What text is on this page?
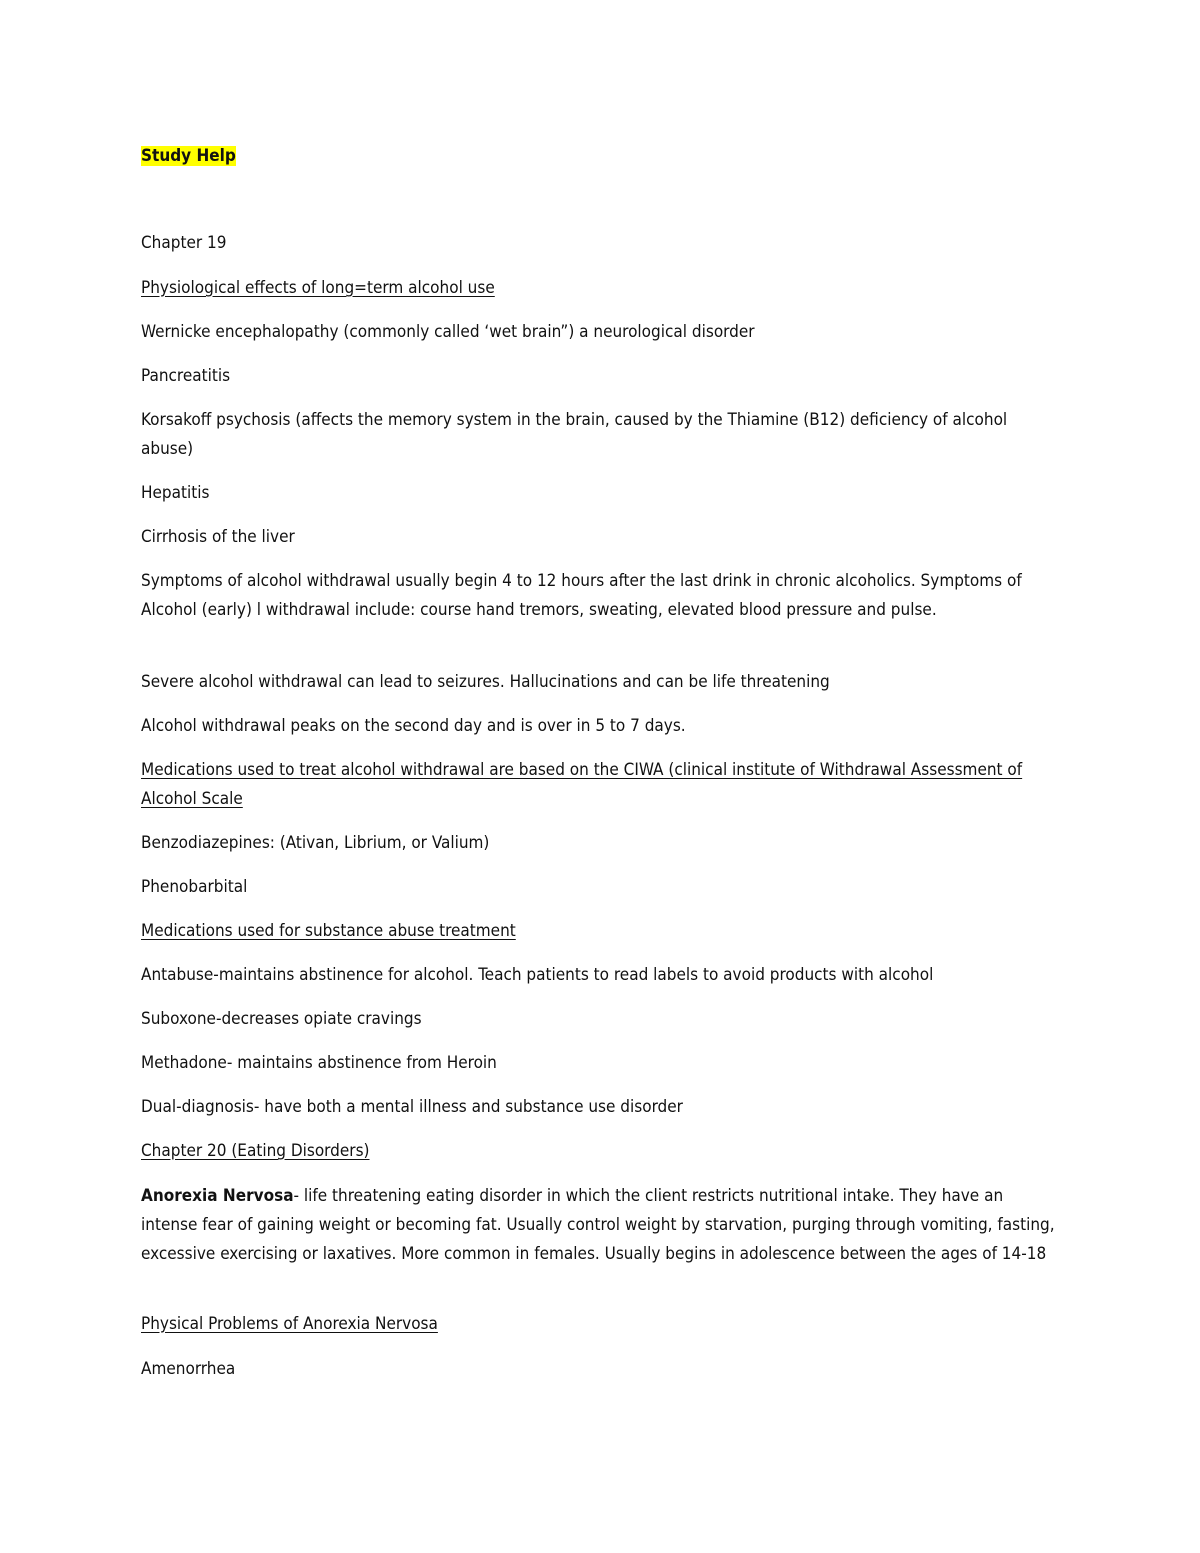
Study Help

Chapter 19

Physiological effects of long=term alcohol use

Wernicke encephalopathy (commonly called ‘wet brain”) a neurological disorder

Pancreatitis

Korsakoff psychosis (affects the memory system in the brain, caused by the Thiamine (B12) deficiency of alcohol abuse)

Hepatitis

Cirrhosis of the liver

Symptoms of alcohol withdrawal usually begin 4 to 12 hours after the last drink in chronic alcoholics. Symptoms of Alcohol (early) l withdrawal include: course hand tremors, sweating, elevated blood pressure and pulse.

Severe alcohol withdrawal can lead to seizures. Hallucinations and can be life threatening

Alcohol withdrawal peaks on the second day and is over in 5 to 7 days.

Medications used to treat alcohol withdrawal are based on the CIWA (clinical institute of Withdrawal Assessment of Alcohol Scale

Benzodiazepines: (Ativan, Librium, or Valium)

Phenobarbital

Medications used for substance abuse treatment

Antabuse-maintains abstinence for alcohol. Teach patients to read labels to avoid products with alcohol

Suboxone-decreases opiate cravings

Methadone- maintains abstinence from Heroin

Dual-diagnosis- have both a mental illness and substance use disorder

Chapter 20 (Eating Disorders)

Anorexia Nervosa- life threatening eating disorder in which the client restricts nutritional intake. They have an intense fear of gaining weight or becoming fat. Usually control weight by starvation, purging through vomiting, fasting, excessive exercising or laxatives. More common in females. Usually begins in adolescence between the ages of 14-18

Physical Problems of Anorexia Nervosa

Amenorrhea
